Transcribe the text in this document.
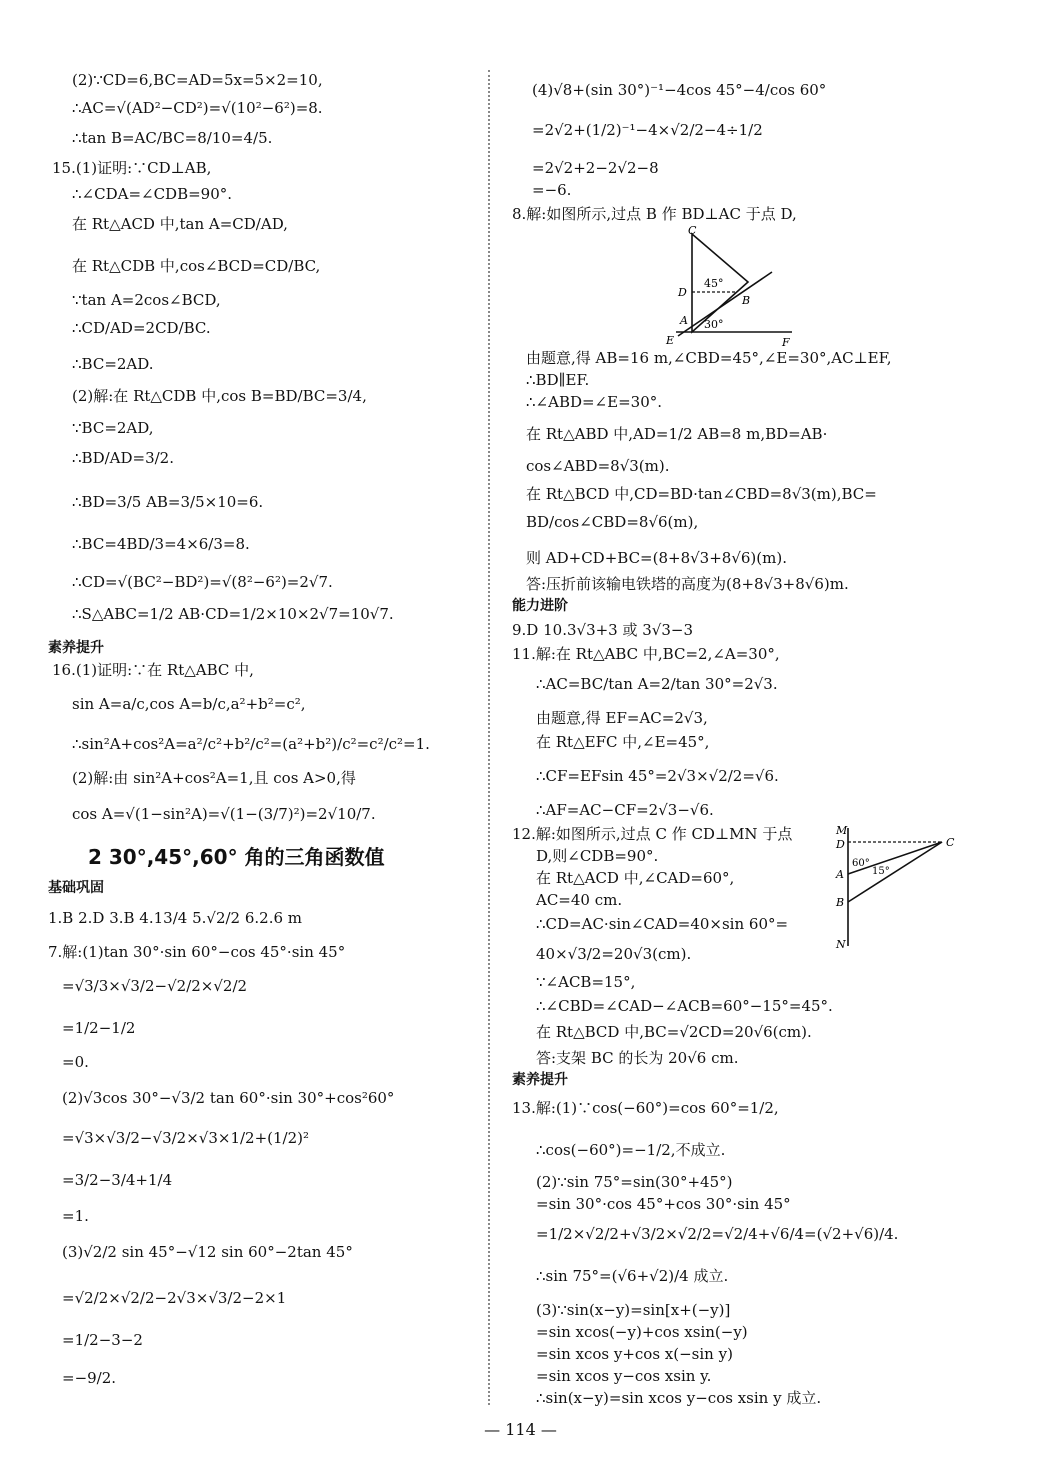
(2)∵CD=6,BC=AD=5x=5×2=10,
∴AC=√(AD²−CD²)=√(10²−6²)=8.
∴tan B=AC/BC=8/10=4/5.
15.(1)证明:∵CD⊥AB,
∴∠CDA=∠CDB=90°.
在 Rt△ACD 中,tan A=CD/AD,
在 Rt△CDB 中,cos∠BCD=CD/BC,
∵tan A=2cos∠BCD,
∴CD/AD=2CD/BC.
∴BC=2AD.
(2)解:在 Rt△CDB 中,cos B=BD/BC=3/4,
∵BC=2AD,
∴BD/AD=3/2.
∴BD=3/5 AB=3/5×10=6.
∴BC=4BD/3=4×6/3=8.
∴CD=√(BC²−BD²)=√(8²−6²)=2√7.
∴S△ABC=1/2 AB·CD=1/2×10×2√7=10√7.
素养提升
16.(1)证明:∵在 Rt△ABC 中,
sin A=a/c,cos A=b/c,a²+b²=c²,
∴sin²A+cos²A=a²/c²+b²/c²=(a²+b²)/c²=c²/c²=1.
(2)解:由 sin²A+cos²A=1,且 cos A>0,得
cos A=√(1−sin²A)=√(1−(3/7)²)=2√10/7.
2 30°,45°,60° 角的三角函数值
基础巩固
1.B 2.D 3.B 4.13/4 5.√2/2 6.2.6 m
7.解:(1)tan 30°·sin 60°−cos 45°·sin 45°
=√3/3×√3/2−√2/2×√2/2
=1/2−1/2
=0.
(2)√3cos 30°−√3/2 tan 60°·sin 30°+cos²60°
=√3×√3/2−√3/2×√3×1/2+(1/2)²
=3/2−3/4+1/4
=1.
(3)√2/2 sin 45°−√12 sin 60°−2tan 45°
=√2/2×√2/2−2√3×√3/2−2×1
=1/2−3−2
=−9/2.
(4)√8+(sin 30°)⁻¹−4cos 45°−4/cos 60°
=2√2+(1/2)⁻¹−4×√2/2−4÷1/2
=2√2+2−2√2−8
=−6.
8.解:如图所示,过点 B 作 BD⊥AC 于点 D,
C
D
A
E
B
F
45°
30°
由题意,得 AB=16 m,∠CBD=45°,∠E=30°,AC⊥EF,
∴BD∥EF.
∴∠ABD=∠E=30°.
在 Rt△ABD 中,AD=1/2 AB=8 m,BD=AB·
cos∠ABD=8√3(m).
在 Rt△BCD 中,CD=BD·tan∠CBD=8√3(m),BC=
BD/cos∠CBD=8√6(m),
则 AD+CD+BC=(8+8√3+8√6)(m).
答:压折前该输电铁塔的高度为(8+8√3+8√6)m.
能力进阶
9.D 10.3√3+3 或 3√3−3
11.解:在 Rt△ABC 中,BC=2,∠A=30°,
∴AC=BC/tan A=2/tan 30°=2√3.
由题意,得 EF=AC=2√3,
在 Rt△EFC 中,∠E=45°,
∴CF=EFsin 45°=2√3×√2/2=√6.
∴AF=AC−CF=2√3−√6.
12.解:如图所示,过点 C 作 CD⊥MN 于点
D,则∠CDB=90°.
在 Rt△ACD 中,∠CAD=60°,
AC=40 cm.
∴CD=AC·sin∠CAD=40×sin 60°=
40×√3/2=20√3(cm).
M
D
A
B
N
C
60°
15°
∵∠ACB=15°,
∴∠CBD=∠CAD−∠ACB=60°−15°=45°.
在 Rt△BCD 中,BC=√2CD=20√6(cm).
答:支架 BC 的长为 20√6 cm.
素养提升
13.解:(1)∵cos(−60°)=cos 60°=1/2,
∴cos(−60°)=−1/2,不成立.
(2)∵sin 75°=sin(30°+45°)
=sin 30°·cos 45°+cos 30°·sin 45°
=1/2×√2/2+√3/2×√2/2=√2/4+√6/4=(√2+√6)/4.
∴sin 75°=(√6+√2)/4 成立.
(3)∵sin(x−y)=sin[x+(−y)]
=sin xcos(−y)+cos xsin(−y)
=sin xcos y+cos x(−sin y)
=sin xcos y−cos xsin y.
∴sin(x−y)=sin xcos y−cos xsin y 成立.
— 114 —
